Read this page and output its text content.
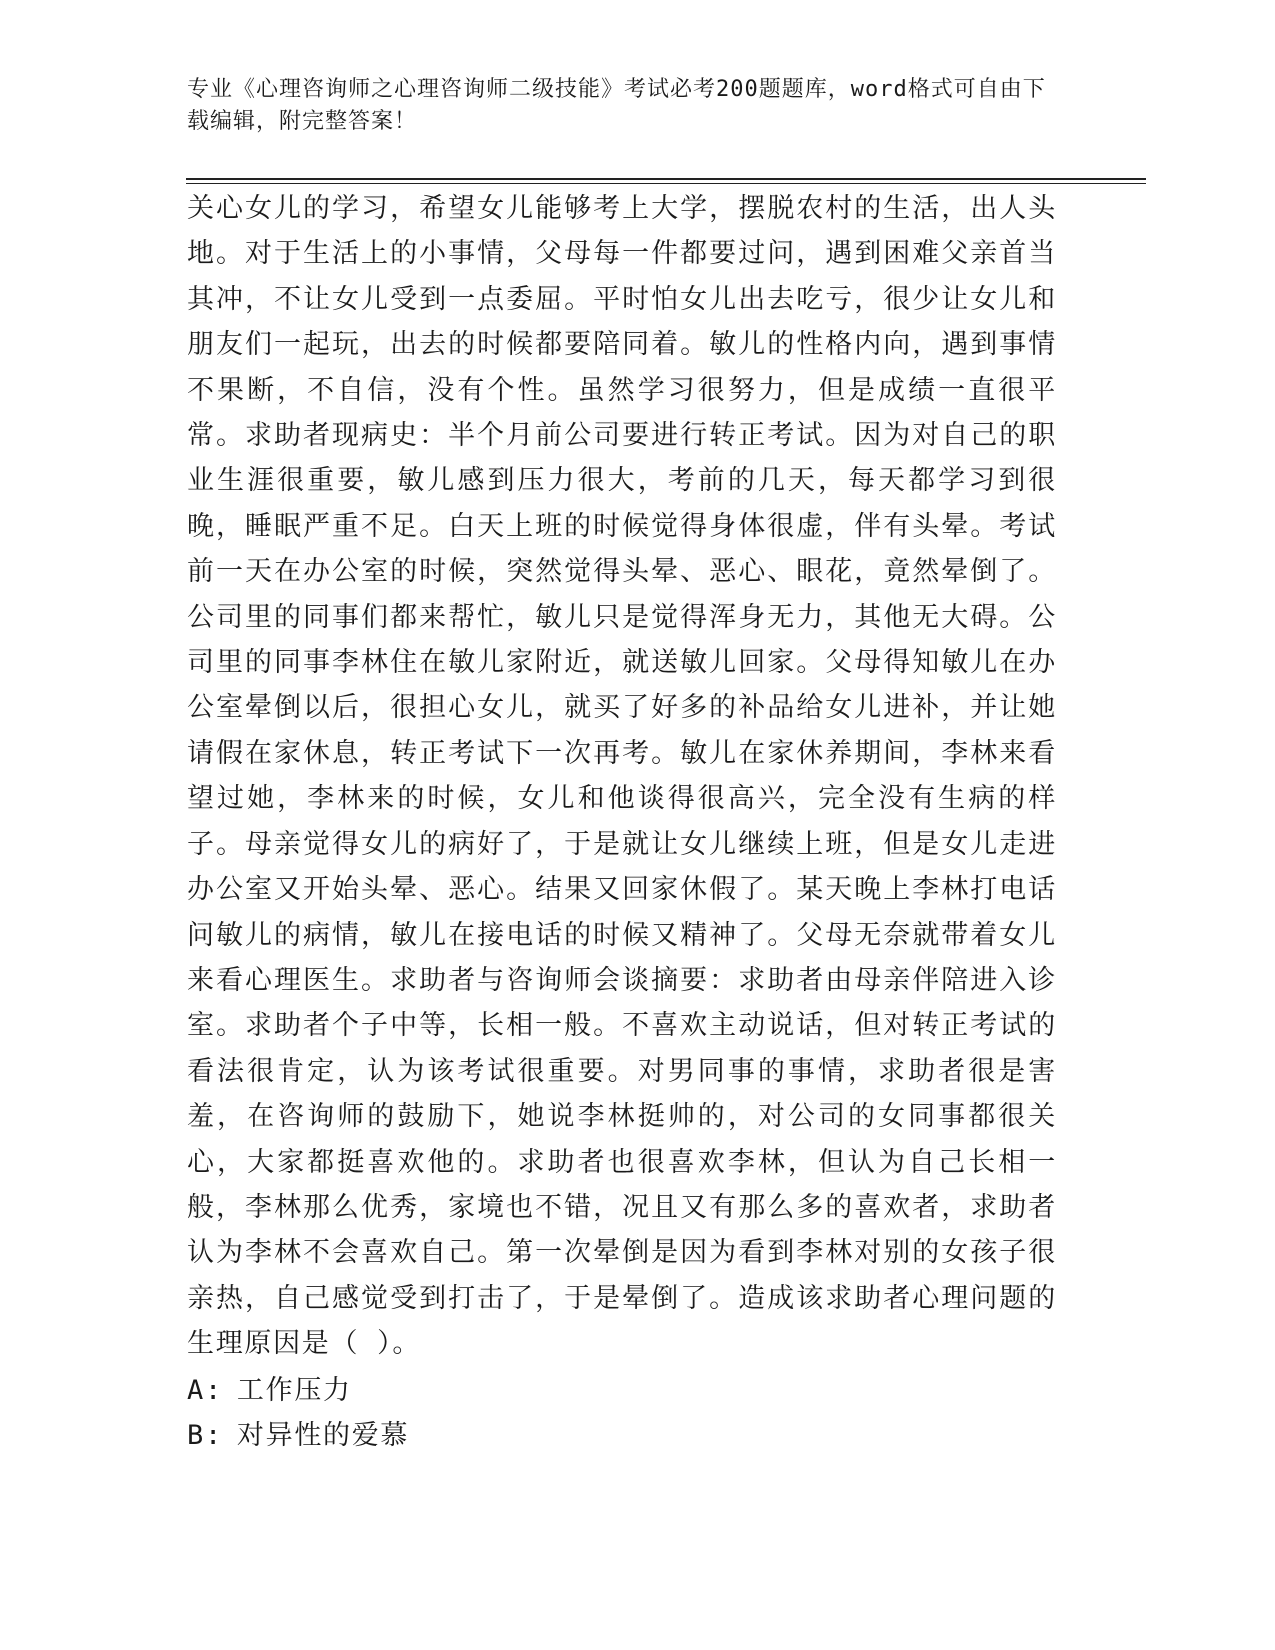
专业《心理咨询师之心理咨询师二级技能》考试必考200题题库，word格式可自由下载编辑，附完整答案！
关心女儿的学习，希望女儿能够考上大学，摆脱农村的生活，出人头地。对于生活上的小事情，父母每一件都要过问，遇到困难父亲首当其冲，不让女儿受到一点委屈。平时怕女儿出去吃亏，很少让女儿和朋友们一起玩，出去的时候都要陪同着。敏儿的性格内向，遇到事情不果断，不自信，没有个性。虽然学习很努力，但是成绩一直很平常。求助者现病史：半个月前公司要进行转正考试。因为对自己的职业生涯很重要，敏儿感到压力很大，考前的几天，每天都学习到很晚，睡眠严重不足。白天上班的时候觉得身体很虚，伴有头晕。考试前一天在办公室的时候，突然觉得头晕、恶心、眼花，竟然晕倒了。公司里的同事们都来帮忙，敏儿只是觉得浑身无力，其他无大碍。公司里的同事李林住在敏儿家附近，就送敏儿回家。父母得知敏儿在办公室晕倒以后，很担心女儿，就买了好多的补品给女儿进补，并让她请假在家休息，转正考试下一次再考。敏儿在家休养期间，李林来看望过她，李林来的时候，女儿和他谈得很高兴，完全没有生病的样子。母亲觉得女儿的病好了，于是就让女儿继续上班，但是女儿走进办公室又开始头晕、恶心。结果又回家休假了。某天晚上李林打电话问敏儿的病情，敏儿在接电话的时候又精神了。父母无奈就带着女儿来看心理医生。求助者与咨询师会谈摘要：求助者由母亲伴陪进入诊室。求助者个子中等，长相一般。不喜欢主动说话，但对转正考试的看法很肯定，认为该考试很重要。对男同事的事情，求助者很是害羞，在咨询师的鼓励下，她说李林挺帅的，对公司的女同事都很关心，大家都挺喜欢他的。求助者也很喜欢李林，但认为自己长相一般，李林那么优秀，家境也不错，况且又有那么多的喜欢者，求助者认为李林不会喜欢自己。第一次晕倒是因为看到李林对别的女孩子很亲热，自己感觉受到打击了，于是晕倒了。造成该求助者心理问题的生理原因是（ ）。
A: 工作压力
B: 对异性的爱慕
